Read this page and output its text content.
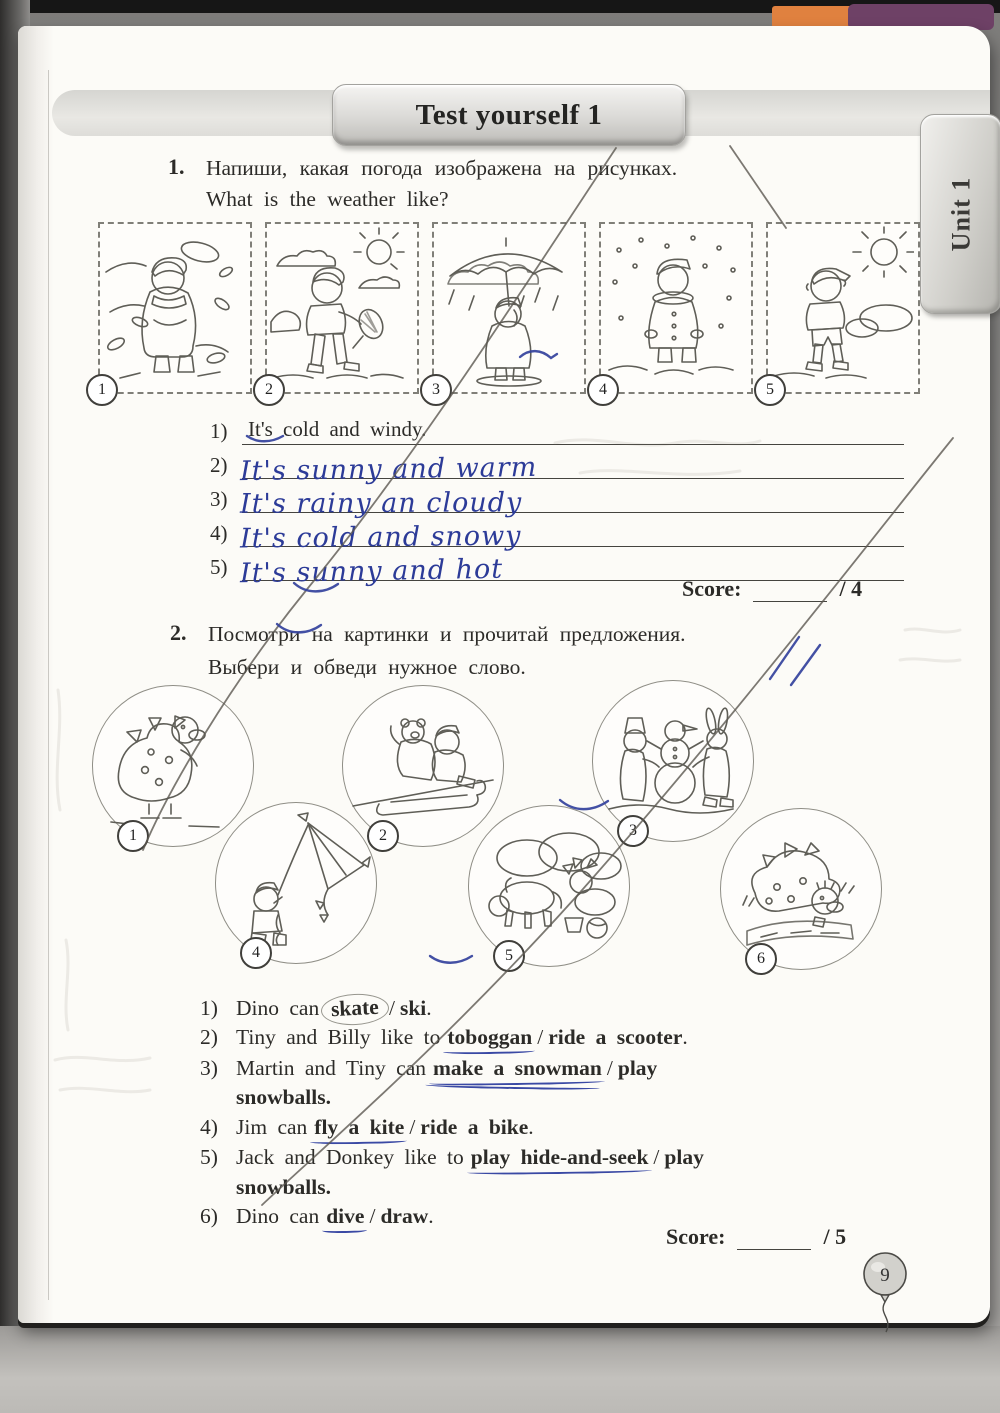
Test yourself 1
Unit 1
1. Напиши, какая погода изображена на рисунках.
What is the weather like?
1	2	3	4	5
1) It's cold and windy.
2) It's sunny and warm
3) It's rainy an cloudy
4) It's cold and snowy
5) It's sunny and hot	Score:	/ 4
2. Посмотри на картинки и прочитай предложения.
Выбери и обведи нужное слово.
1	2	3
4	5	6
1) Dino can skate / ski.
2) Tiny and Billy like to toboggan / ride a scooter.
3) Martin and Tiny can make a snowman / play
snowballs.
4) Jim can fly a kite / ride a bike.
5) Jack and Donkey like to play hide-and-seek / play
snowballs.
6) Dino can dive / draw.
Score:	/ 5
9
